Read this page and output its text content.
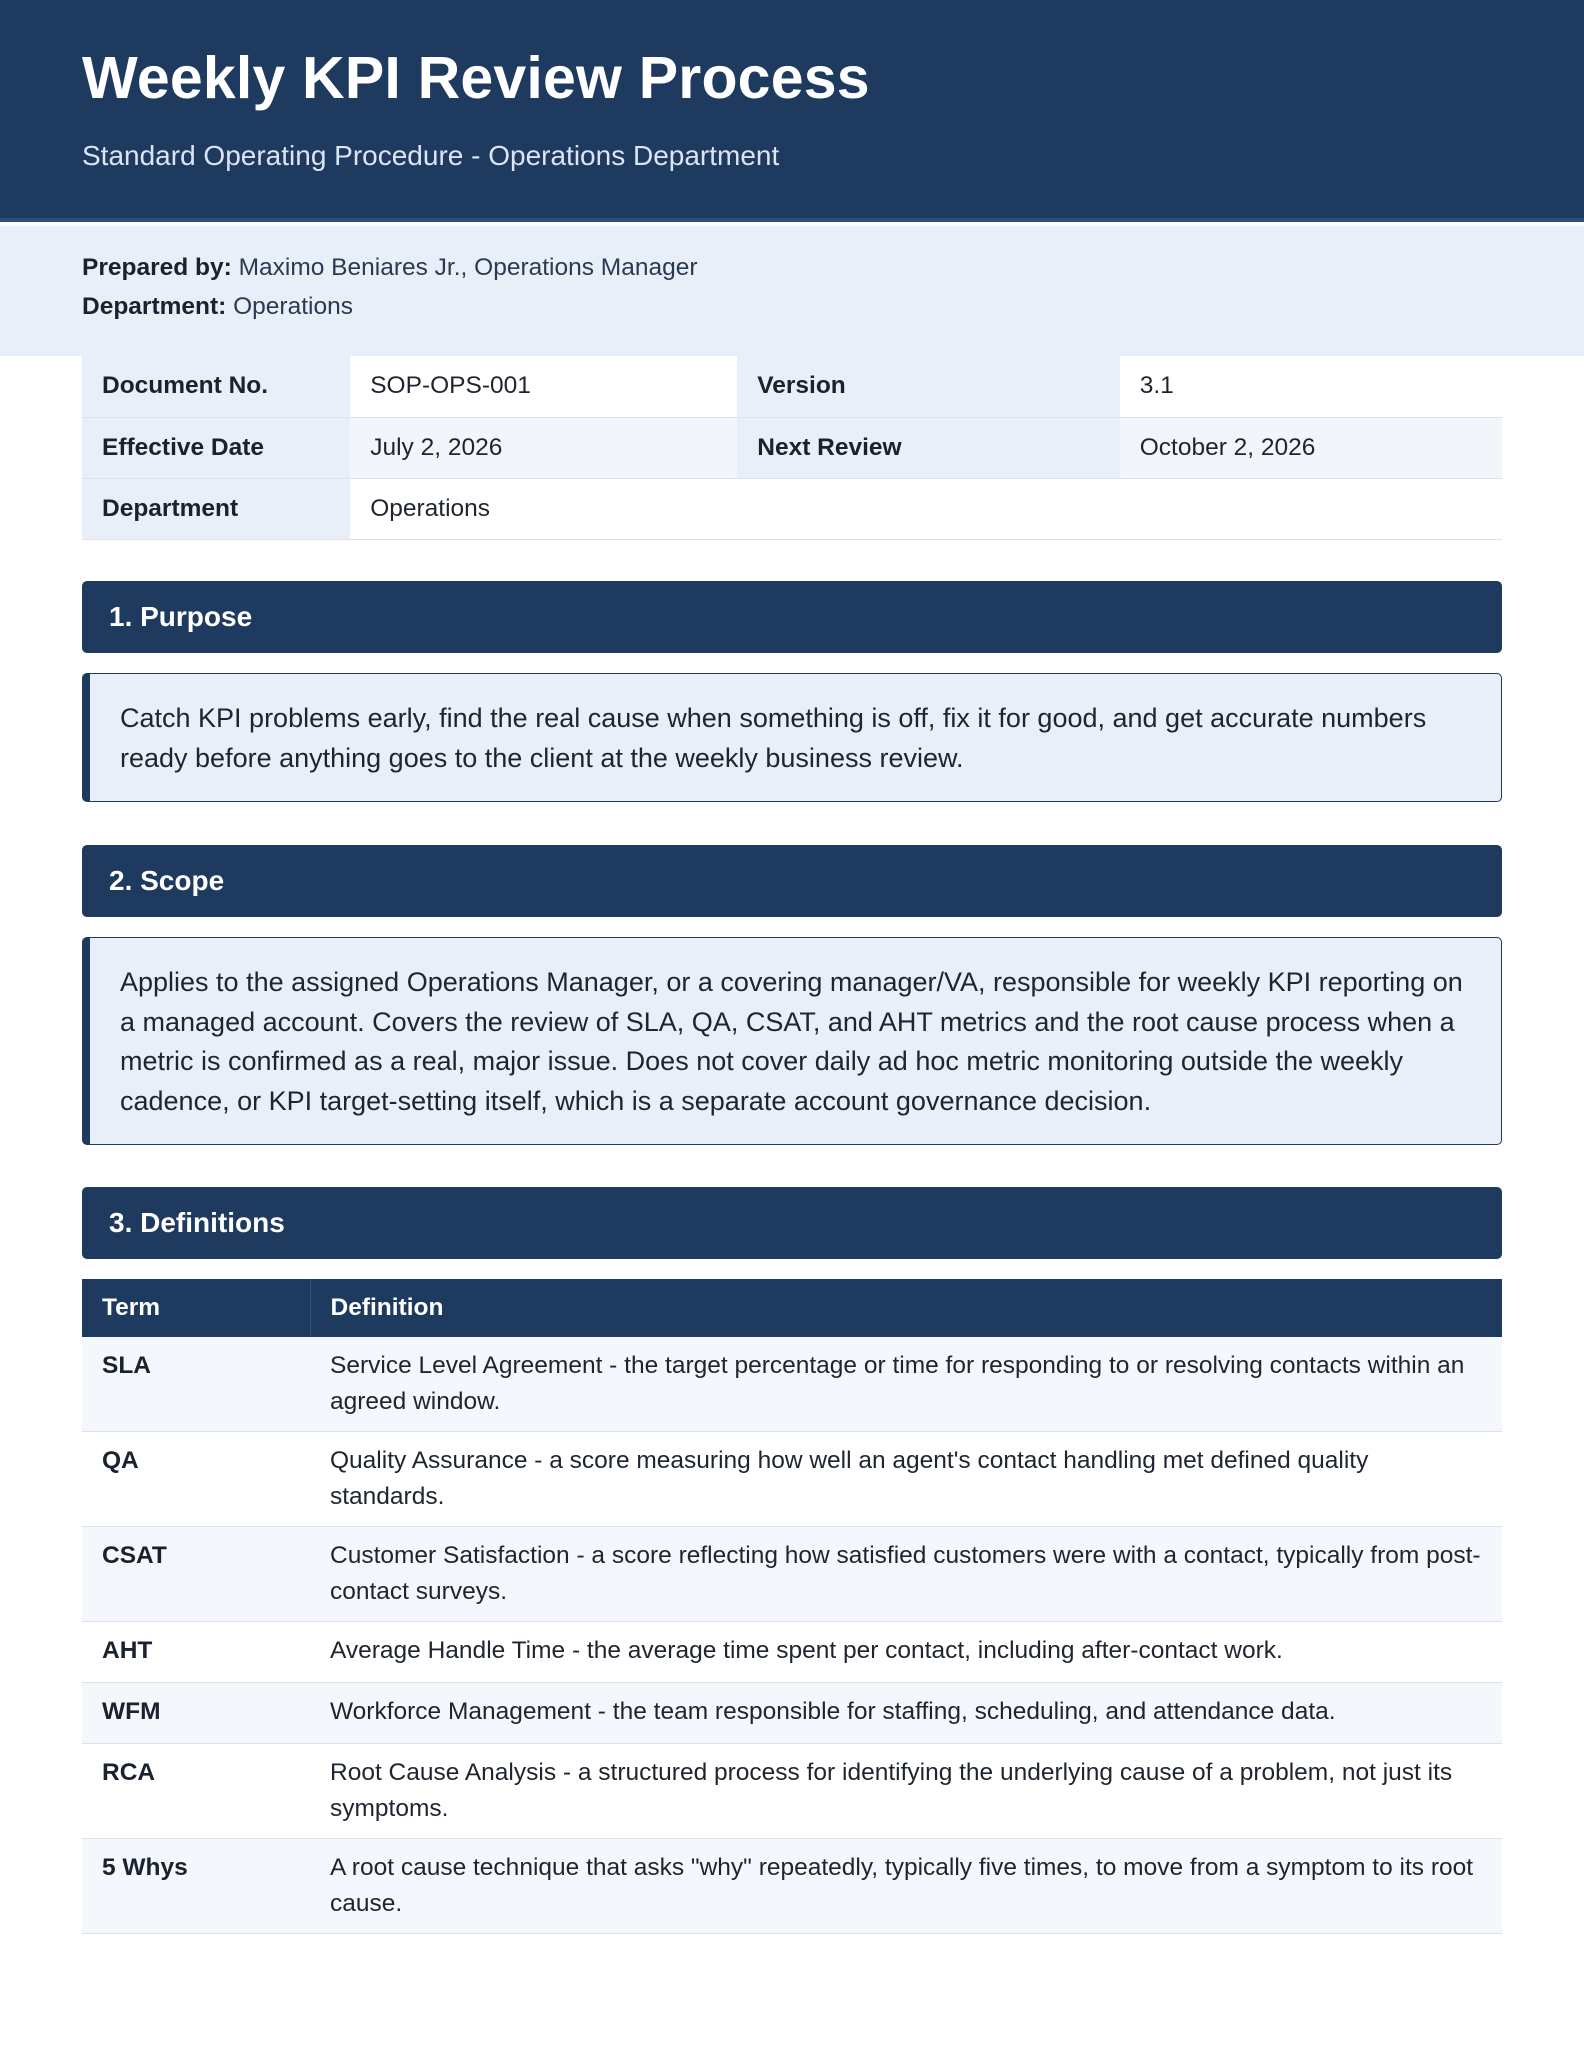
Weekly KPI Review Process
Standard Operating Procedure - Operations Department
Prepared by: Maximo Beniares Jr., Operations Manager
Department: Operations
Document No.	SOP-OPS-001	Version	3.1
Effective Date	July 2, 2026	Next Review	October 2, 2026
Department	Operations		
1. Purpose
Catch KPI problems early, find the real cause when something is off, fix it for good, and get accurate numbers ready before anything goes to the client at the weekly business review.
2. Scope
Applies to the assigned Operations Manager, or a covering manager/VA, responsible for weekly KPI reporting on a managed account. Covers the review of SLA, QA, CSAT, and AHT metrics and the root cause process when a metric is confirmed as a real, major issue. Does not cover daily ad hoc metric monitoring outside the weekly cadence, or KPI target-setting itself, which is a separate account governance decision.
3. Definitions
Term	Definition
SLA	Service Level Agreement - the target percentage or time for responding to or resolving contacts within an agreed window.
QA	Quality Assurance - a score measuring how well an agent's contact handling met defined quality standards.
CSAT	Customer Satisfaction - a score reflecting how satisfied customers were with a contact, typically from post-contact surveys.
AHT	Average Handle Time - the average time spent per contact, including after-contact work.
WFM	Workforce Management - the team responsible for staffing, scheduling, and attendance data.
RCA	Root Cause Analysis - a structured process for identifying the underlying cause of a problem, not just its symptoms.
5 Whys	A root cause technique that asks "why" repeatedly, typically five times, to move from a symptom to its root cause.
